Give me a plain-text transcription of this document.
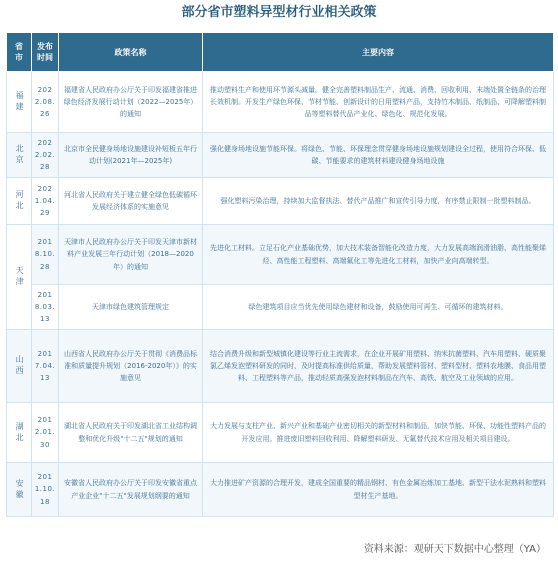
部分省市塑料异型材行业相关政策
省市	发布时间	政策名称	主要内容
福建	2022.08.26	福建省人民政府办公厅关于印发福建省推进绿色经济发展行动计划（2022—2025年）的通知	推动塑料生产和使用环节源头减量。健全完善塑料制品生产、流通、消费、回收利用、末端处置全链条的治理长效机制。开发生产绿色环保、节材节能、创新设计的日用塑料产品，支持竹木制品、纸制品、可降解塑料制品等塑料替代品产业化、绿色化、规范化发展。
北京	2022.02.28	北京市全民健身场地设施建设补短板五年行动计划(2021年—2025年)	强化健身场地设施节能环保。将绿色、节能、环保理念贯穿健身场地设施规划建设全过程，使用符合环保、低碳、节能要求的建筑材料建设健身场地设施
河北	2021.04.29	河北省人民政府关于建立健全绿色低碳循环发展经济体系的实施意见	强化塑料污染治理，持续加大监督执法、替代产品推广和宣传引导力度，有序禁止限制一批塑料制品。
天津	2018.10.28	天津市人民政府办公厅关于印发天津市新材料产业发展三年行动计划（2018—2020年）的通知	先进化工材料。立足石化产业基础优势，加大技术装备智能化改造力度，大力发展高端润滑油脂、高性能聚烯烃、高性能工程塑料、高端氟化工等先进化工材料，加快产业向高端转型。
	2018.03.13	天津市绿色建筑管理规定	绿色建筑项目应当优先使用绿色建材和设备，鼓励使用可再生、可循环的建筑材料。
山西	2017.04.13	山西省人民政府办公厅关于贯彻《消费品标准和质量提升规划（2016-2020年）》的实施意见	结合消费升级和新型城镇化建设等行业主流需求，在企业开展矿用塑料、纳米抗菌塑料、汽车用塑料、硬质聚氯乙烯发泡塑料研发的同时，及时提高标准供给质量，帮助发展塑料管材、塑料型材、塑料农地膜、食品用塑料、工程塑料等产品，推动轻质高强发泡材料制品在汽车、高铁、航空及工业领域的应用。
湖北	2012.01.30	湖北省人民政府关于印发湖北省工业结构调整和优化升级"十二五"规划的通知	大力发展与支柱产业、新兴产业和基础产业密切相关的新型材料和制品，加快节能、环保、功能性塑料产品的开发应用。推进废旧塑料回收利用、降解塑料研发、无氟替代技术应用及相关项目建设。
安徽	2011.10.18	安徽省人民政府办公厅关于印发安徽省重点产业企业"十二五"发展规划纲要的通知	大力推进矿产资源的合理开发，建成全国重要的精品钢材、有色金属冶炼加工基地、新型干法水泥熟料和塑料型材生产基地。
资料来源：观研天下数据中心整理（YA）
